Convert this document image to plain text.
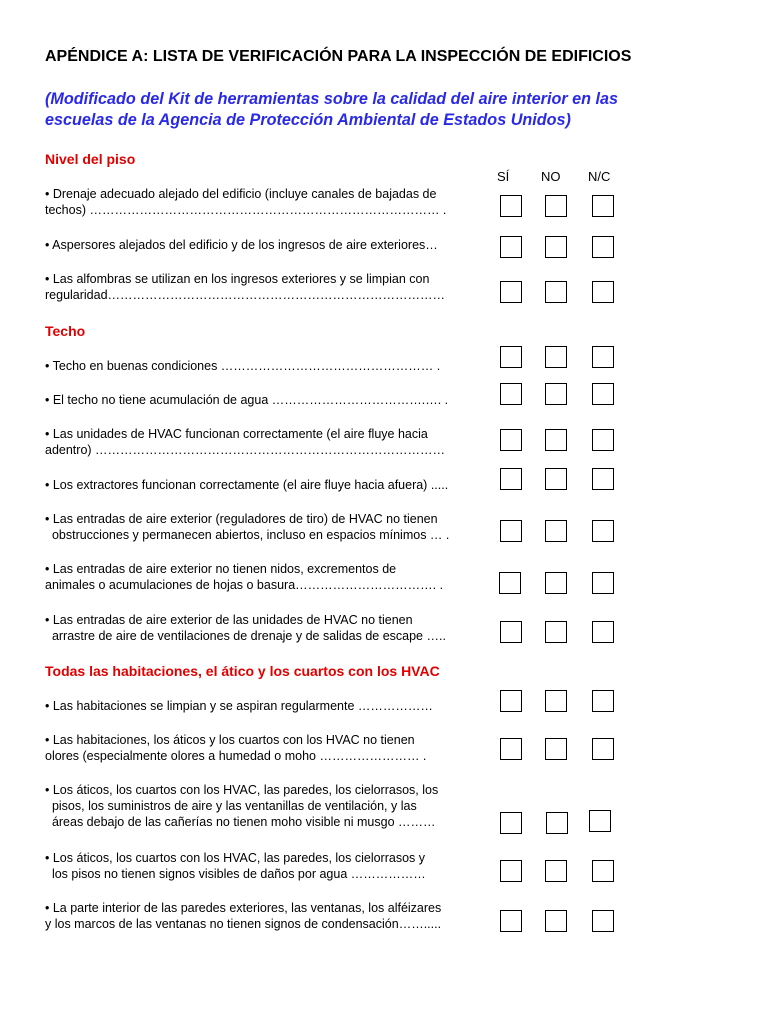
APÉNDICE A: LISTA DE VERIFICACIÓN PARA LA INSPECCIÓN DE EDIFICIOS
(Modificado del Kit de herramientas sobre la calidad del aire interior en las
escuelas de la Agencia de Protección Ambiental de Estados Unidos)
SÍ NO N/C
Nivel del piso
• Drenaje adecuado alejado del edificio (incluye canales de bajadas de
techos) ………………………………………………………………………… .
• Aspersores alejados del edificio y de los ingresos de aire exteriores…
• Las alfombras se utilizan en los ingresos exteriores y se limpian con
regularidad………………………………………………………………………
Techo
• Techo en buenas condiciones …………………………………………… .
• El techo no tiene acumulación de agua ……………………………….…. .
• Las unidades de HVAC funcionan correctamente (el aire fluye hacia
adentro) …………………………………………………………………………
• Los extractores funcionan correctamente (el aire fluye hacia afuera) .....
• Las entradas de aire exterior (reguladores de tiro) de HVAC no tienen
obstrucciones y permanecen abiertos, incluso en espacios mínimos … .
• Las entradas de aire exterior no tienen nidos, excrementos de
animales o acumulaciones de hojas o basura……………………………. .
• Las entradas de aire exterior de las unidades de HVAC no tienen
arrastre de aire de ventilaciones de drenaje y de salidas de escape …..
Todas las habitaciones, el ático y los cuartos con los HVAC
• Las habitaciones se limpian y se aspiran regularmente ………………
• Las habitaciones, los áticos y los cuartos con los HVAC no tienen
olores (especialmente olores a humedad o moho …………………… .
• Los áticos, los cuartos con los HVAC, las paredes, los cielorrasos, los
pisos, los suministros de aire y las ventanillas de ventilación, y las
áreas debajo de las cañerías no tienen moho visible ni musgo ………
• Los áticos, los cuartos con los HVAC, las paredes, los cielorrasos y
los pisos no tienen signos visibles de daños por agua ………………
• La parte interior de las paredes exteriores, las ventanas, los alféizares
y los marcos de las ventanas no tienen signos de condensación…….....
